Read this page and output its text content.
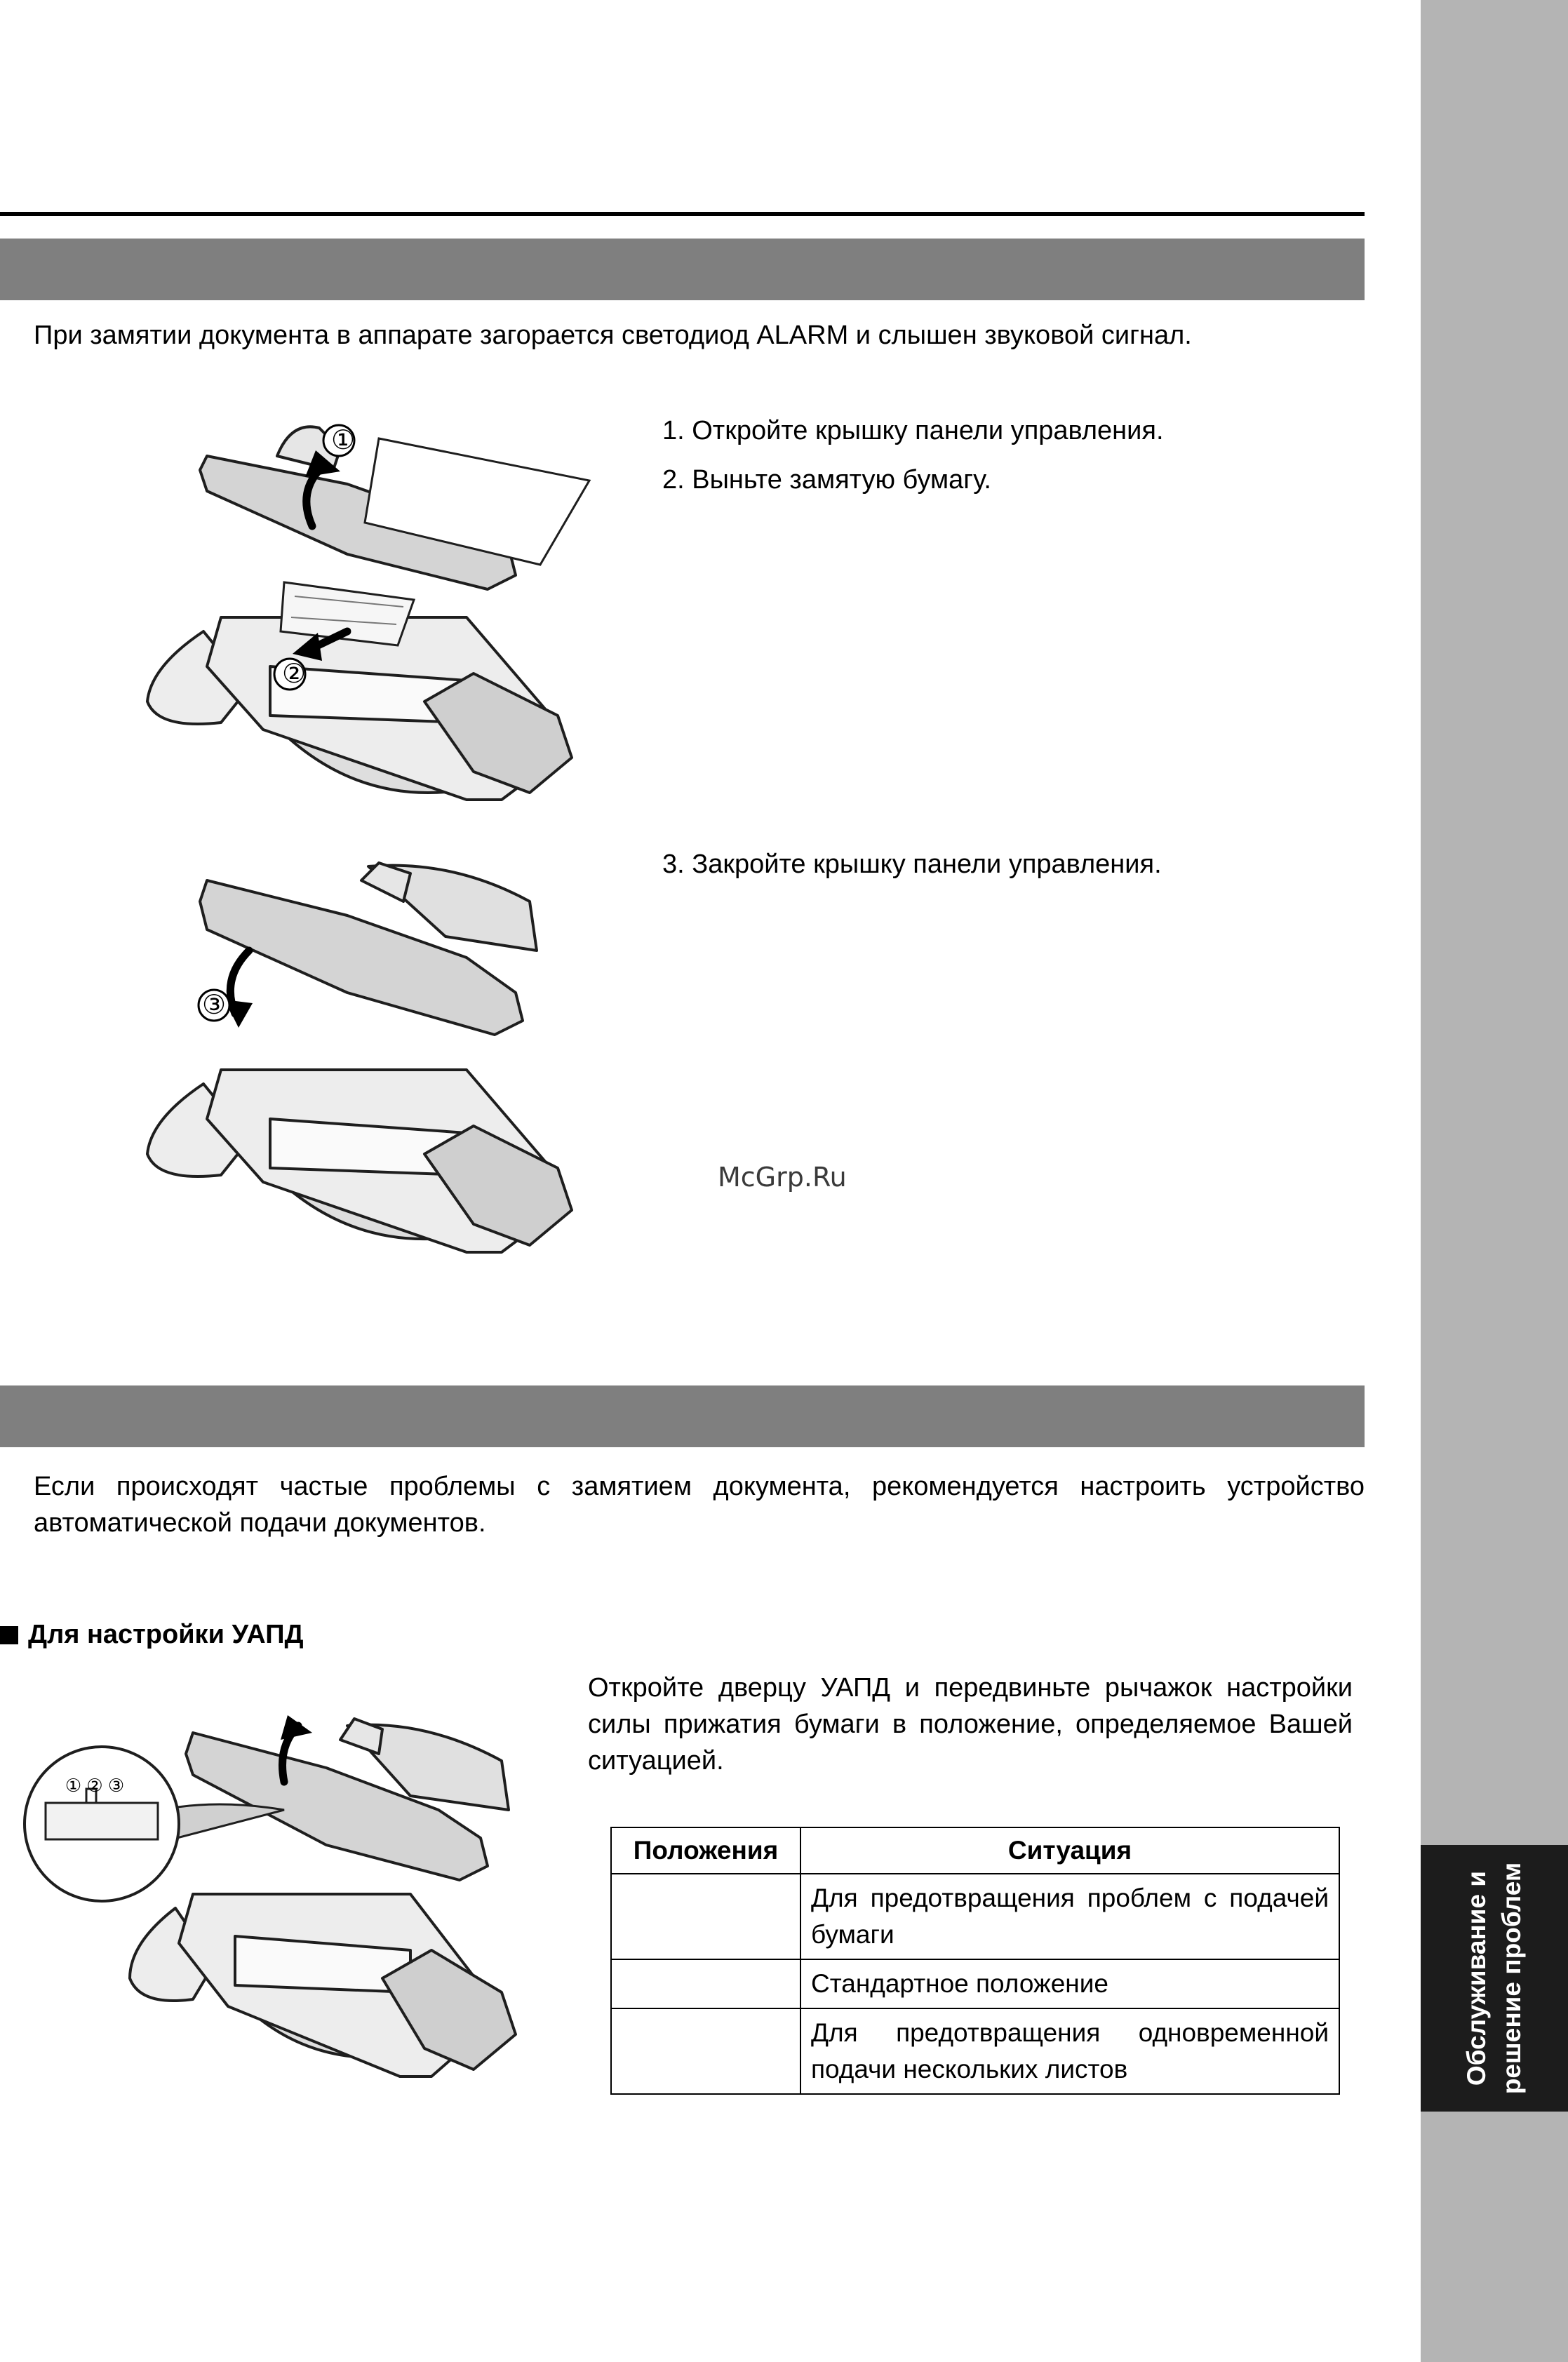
Обслуживание и решение проблем
При замятии документа в аппарате загорается светодиод ALARM и слышен звуковой сигнал.
①
②
1. Откройте крышку панели управления.
2. Выньте замятую бумагу.
③
3. Закройте крышку панели управления.
McGrp.Ru
Если происходят частые проблемы с замятием документа, рекомендуется настроить устройство автоматической подачи документов.
Для настройки УАПД
① ② ③
Откройте дверцу УАПД и передвиньте рычажок настройки силы прижатия бумаги в положение, определяемое Вашей ситуацией.
Положения	Ситуация
	Для предотвращения проблем с подачей бумаги
	Стандартное положение
	Для предотвращения одновременной подачи нескольких листов
